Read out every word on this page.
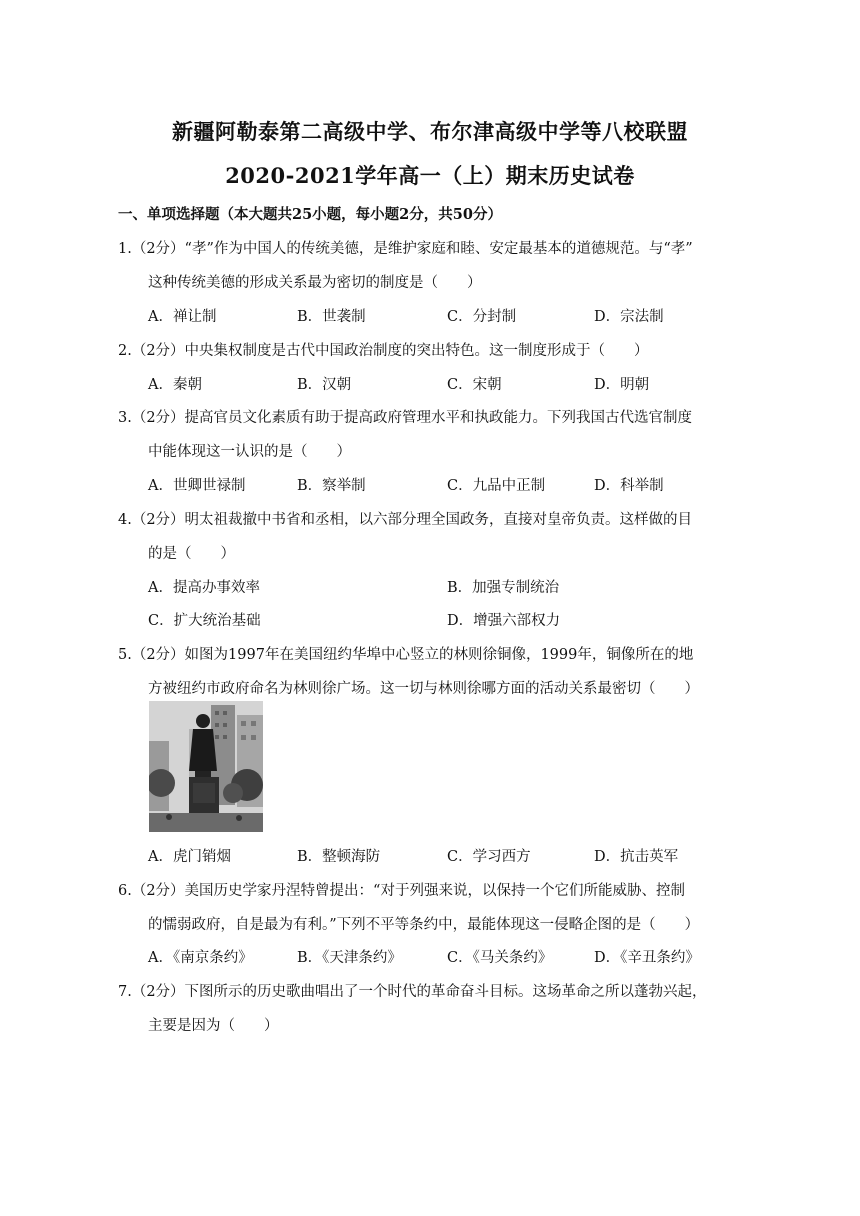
新疆阿勒泰第二高级中学、布尔津高级中学等八校联盟
2020-2021学年高一（上）期末历史试卷
一、单项选择题（本大题共25小题，每小题2分，共50分）
1.（2分）“孝”作为中国人的传统美德，是维护家庭和睦、安定最基本的道德规范。与“孝”
这种传统美德的形成关系最为密切的制度是（　　）
A．禅让制	B．世袭制	C．分封制	D．宗法制
2.（2分）中央集权制度是古代中国政治制度的突出特色。这一制度形成于（　　）
A．秦朝	B．汉朝	C．宋朝	D．明朝
3.（2分）提高官员文化素质有助于提高政府管理水平和执政能力。下列我国古代选官制度
中能体现这一认识的是（　　）
A．世卿世禄制	B．察举制	C．九品中正制	D．科举制
4.（2分）明太祖裁撤中书省和丞相，以六部分理全国政务，直接对皇帝负责。这样做的目
的是（　　）
A．提高办事效率	B．加强专制统治
C．扩大统治基础	D．增强六部权力
5.（2分）如图为1997年在美国纽约华埠中心竖立的林则徐铜像，1999年，铜像所在的地
方被纽约市政府命名为林则徐广场。这一切与林则徐哪方面的活动关系最密切（　　）
A．虎门销烟	B．整顿海防	C．学习西方	D．抗击英军
6.（2分）美国历史学家丹涅特曾提出：“对于列强来说，以保持一个它们所能威胁、控制
的懦弱政府，自是最为有利。”下列不平等条约中，最能体现这一侵略企图的是（　　）
A．《南京条约》	B．《天津条约》	C．《马关条约》	D．《辛丑条约》
7.（2分）下图所示的历史歌曲唱出了一个时代的革命奋斗目标。这场革命之所以蓬勃兴起，
主要是因为（　　）
